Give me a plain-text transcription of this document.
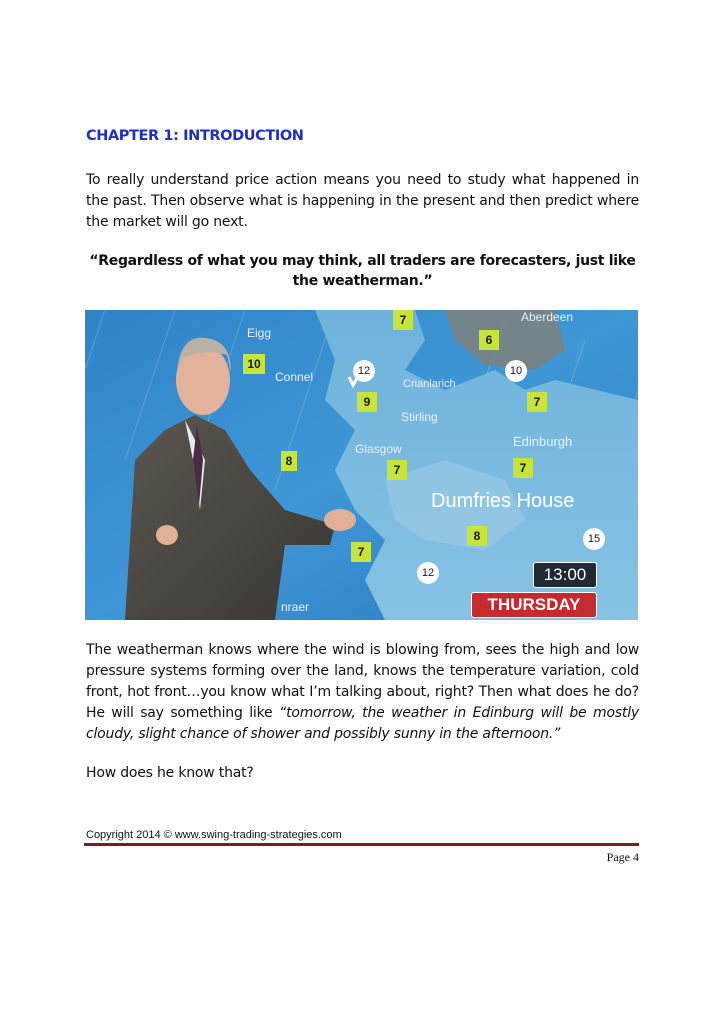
CHAPTER 1: INTRODUCTION

To really understand price action means you need to study what happened in the past. Then observe what is happening in the present and then predict where the market will go next.

“Regardless of what you may think, all traders are forecasters, just like the weatherman.”

Aberdeen
Eigg
Connel	Crianlarich
Stirling
Glasgow	Edinburgh
Dumfries House
nraer
7
6
10
9	7
8
7	7
8
7
12	10
15
12	13:00
THURSDAY

The weatherman knows where the wind is blowing from, sees the high and low pressure systems forming over the land, knows the temperature variation, cold front, hot front…you know what I’m talking about, right? Then what does he do? He will say something like “tomorrow, the weather in Edinburg will be mostly cloudy, slight chance of shower and possibly sunny in the afternoon.”

How does he know that?

Copyright 2014 © www.swing-trading-strategies.com
Page 4
